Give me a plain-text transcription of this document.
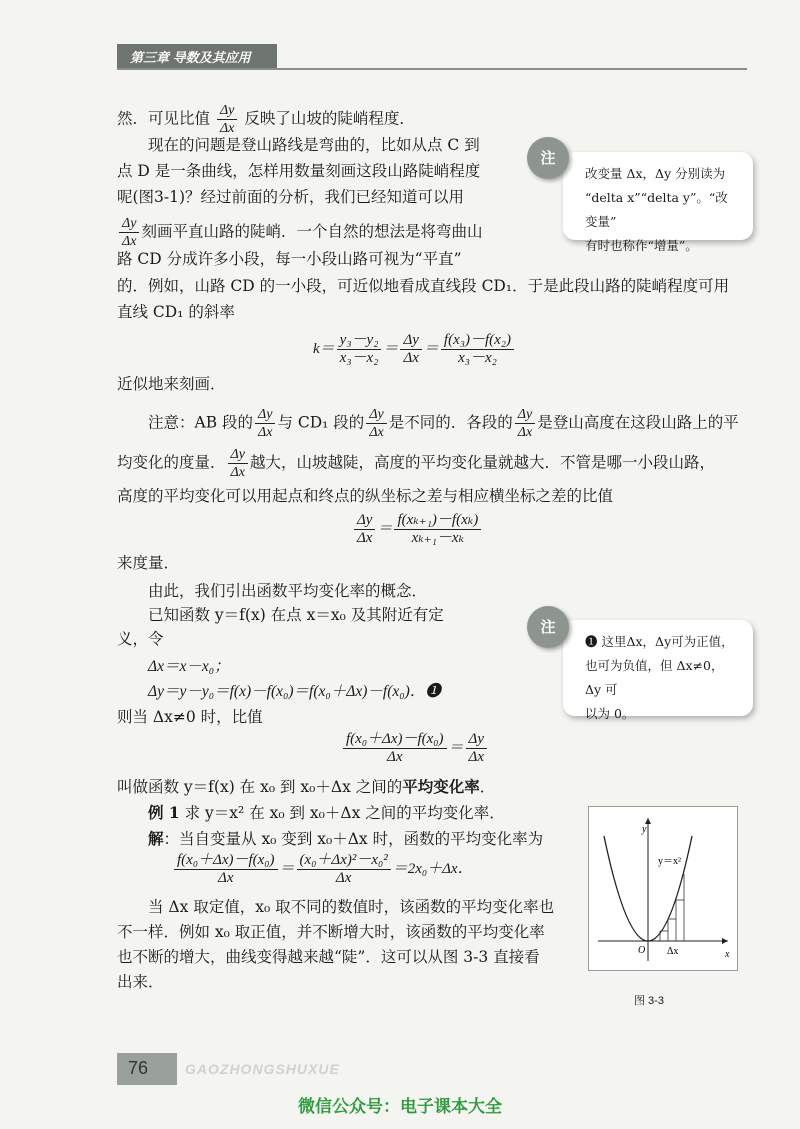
第三章 导数及其应用
然．可见比值 $\frac{\Delta y}{\Delta x}$ 反映了山坡的陡峭程度．
现在的问题是登山路线是弯曲的，比如从点 C 到
点 D 是一条曲线，怎样用数量刻画这段山路陡峭程度
呢(图3-1)？经过前面的分析，我们已经知道可以用
$\frac{\Delta y}{\Delta x}$ 刻画平直山路的陡峭．一个自然的想法是将弯曲山
路 CD 分成许多小段，每一小段山路可视为“平直”
的．例如，山路 CD 的一小段，可近似地看成直线段 CD₁．于是此段山路的陡峭程度可用
直线 CD₁ 的斜率
$k= \frac{\text{y₃－y₂}}{\text{x₃－x₂}} = \frac{\Delta y}{\Delta x} = \frac{\text{f(x₃)－f(x₂)}}{\text{x₃－x₂}}$
近似地来刻画．
注意：AB 段的 $\frac{\Delta y}{\Delta x}$ 与 CD₁ 段的 $\frac{\Delta y}{\Delta x}$ 是不同的．各段的 $\frac{\Delta y}{\Delta x}$ 是登山高度在这段山路上的平
均变化的度量． $\frac{\Delta y}{\Delta x}$ 越大，山坡越陡，高度的平均变化量就越大．不管是哪一小段山路，
高度的平均变化可以用起点和终点的纵坐标之差与相应横坐标之差的比值
$\frac{\Delta y}{\Delta x} = \frac{\text{f(xₖ₊₁)－f(xₖ)}}{\text{xₖ₊₁－xₖ}}$
来度量．
由此，我们引出函数平均变化率的概念．
已知函数 y＝f(x) 在点 x＝x₀ 及其附近有定
义，令
Δx＝x－x₀；
Δy＝y－y₀＝f(x)－f(x₀)＝f(x₀＋Δx)－f(x₀)．❶
则当 Δx≠0 时，比值
$\frac{\text{f(x₀＋Δx)－f(x₀)}}{\Delta x} = \frac{\Delta y}{\Delta x}$
叫做函数 y＝f(x) 在 x₀ 到 x₀＋Δx 之间的平均变化率．
例 1 求 y＝x² 在 x₀ 到 x₀＋Δx 之间的平均变化率．
解：当自变量从 x₀ 变到 x₀＋Δx 时，函数的平均变化率为
$\frac{\text{f(x₀＋Δx)－f(x₀)}}{\Delta x} = \frac{\text{(x₀＋Δx)²－x₀²}}{\Delta x} =2x_0+\Delta x$．
当 Δx 取定值，x₀ 取不同的数值时，该函数的平均变化率也
不一样．例如 x₀ 取正值，并不断增大时，该函数的平均变化率
也不断的增大，曲线变得越来越“陡”．这可以从图 3-3 直接看
出来．
改变量 Δx，Δy 分别读为
“delta x”“delta y”。“改变量”
有时也称作“增量”。
注
❶ 这里Δx，Δy可为正值，
也可为负值，但 Δx≠0，Δy 可
以为 0。
注
y
x
O
y＝x²
Δx
图 3-3
76	GAOZHONGSHUXUE
微信公众号：电子课本大全
